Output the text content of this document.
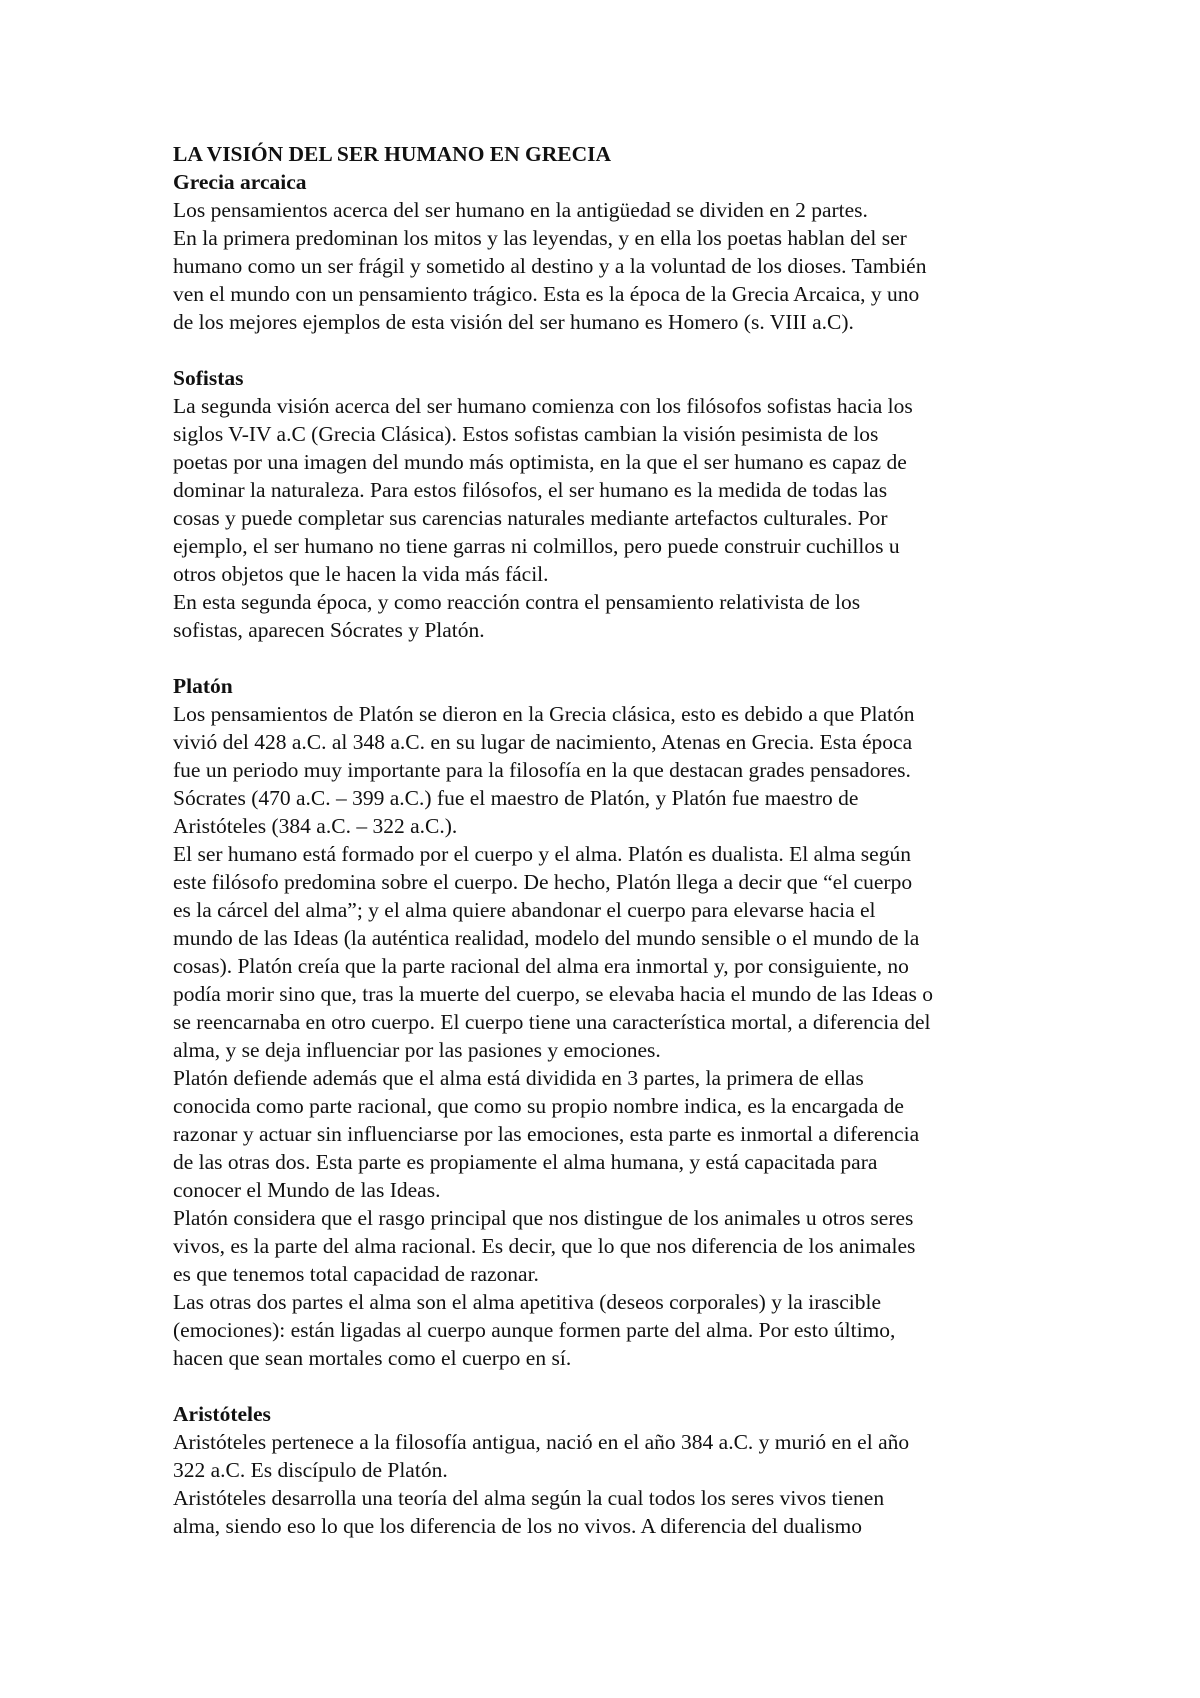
LA VISIÓN DEL SER HUMANO EN GRECIA
Grecia arcaica
Los pensamientos acerca del ser humano en la antigüedad se dividen en 2 partes.
En la primera predominan los mitos y las leyendas, y en ella los poetas hablan del ser
humano como un ser frágil y sometido al destino y a la voluntad de los dioses. También
ven el mundo con un pensamiento trágico. Esta es la época de la Grecia Arcaica, y uno
de los mejores ejemplos de esta visión del ser humano es Homero (s. VIII a.C).
Sofistas
La segunda visión acerca del ser humano comienza con los filósofos sofistas hacia los
siglos V-IV a.C (Grecia Clásica). Estos sofistas cambian la visión pesimista de los
poetas por una imagen del mundo más optimista, en la que el ser humano es capaz de
dominar la naturaleza. Para estos filósofos, el ser humano es la medida de todas las
cosas y puede completar sus carencias naturales mediante artefactos culturales. Por
ejemplo, el ser humano no tiene garras ni colmillos, pero puede construir cuchillos u
otros objetos que le hacen la vida más fácil.
En esta segunda época, y como reacción contra el pensamiento relativista de los
sofistas, aparecen Sócrates y Platón.
Platón
Los pensamientos de Platón se dieron en la Grecia clásica, esto es debido a que Platón
vivió del 428 a.C. al 348 a.C. en su lugar de nacimiento, Atenas en Grecia. Esta época
fue un periodo muy importante para la filosofía en la que destacan grades pensadores.
Sócrates (470 a.C. – 399 a.C.) fue el maestro de Platón, y Platón fue maestro de
Aristóteles (384 a.C. – 322 a.C.).
El ser humano está formado por el cuerpo y el alma. Platón es dualista. El alma según
este filósofo predomina sobre el cuerpo. De hecho, Platón llega a decir que “el cuerpo
es la cárcel del alma”; y el alma quiere abandonar el cuerpo para elevarse hacia el
mundo de las Ideas (la auténtica realidad, modelo del mundo sensible o el mundo de la
cosas). Platón creía que la parte racional del alma era inmortal y, por consiguiente, no
podía morir sino que, tras la muerte del cuerpo, se elevaba hacia el mundo de las Ideas o
se reencarnaba en otro cuerpo. El cuerpo tiene una característica mortal, a diferencia del
alma, y se deja influenciar por las pasiones y emociones.
Platón defiende además que el alma está dividida en 3 partes, la primera de ellas
conocida como parte racional, que como su propio nombre indica, es la encargada de
razonar y actuar sin influenciarse por las emociones, esta parte es inmortal a diferencia
de las otras dos. Esta parte es propiamente el alma humana, y está capacitada para
conocer el Mundo de las Ideas.
Platón considera que el rasgo principal que nos distingue de los animales u otros seres
vivos, es la parte del alma racional. Es decir, que lo que nos diferencia de los animales
es que tenemos total capacidad de razonar.
Las otras dos partes el alma son el alma apetitiva (deseos corporales) y la irascible
(emociones): están ligadas al cuerpo aunque formen parte del alma. Por esto último,
hacen que sean mortales como el cuerpo en sí.
Aristóteles
Aristóteles pertenece a la filosofía antigua, nació en el año 384 a.C. y murió en el año
322 a.C. Es discípulo de Platón.
Aristóteles desarrolla una teoría del alma según la cual todos los seres vivos tienen
alma, siendo eso lo que los diferencia de los no vivos. A diferencia del dualismo
